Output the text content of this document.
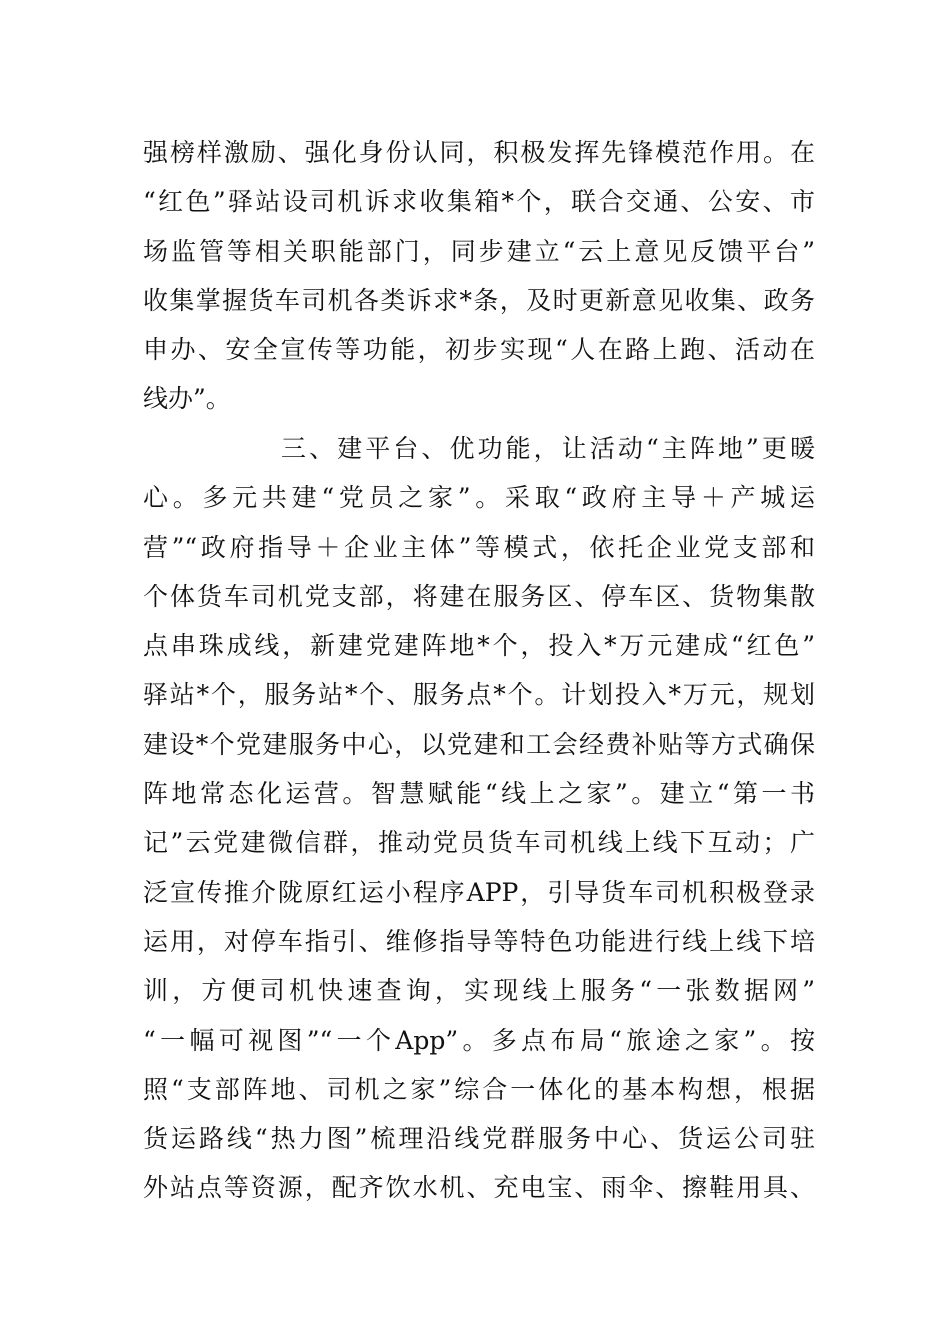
强榜样激励、强化身份认同，积极发挥先锋模范作用。在
“红色”驿站设司机诉求收集箱*个，联合交通、公安、市
场监管等相关职能部门，同步建立“云上意见反馈平台”
收集掌握货车司机各类诉求*条，及时更新意见收集、政务
申办、安全宣传等功能，初步实现“人在路上跑、活动在
线办”。
三、建平台、优功能，让活动“主阵地”更暖
心。多元共建“党员之家”。采取“政府主导＋产城运
营”“政府指导＋企业主体”等模式，依托企业党支部和
个体货车司机党支部，将建在服务区、停车区、货物集散
点串珠成线，新建党建阵地*个，投入*万元建成“红色”
驿站*个，服务站*个、服务点*个。计划投入*万元，规划
建设*个党建服务中心，以党建和工会经费补贴等方式确保
阵地常态化运营。智慧赋能“线上之家”。建立“第一书
记”云党建微信群，推动党员货车司机线上线下互动；广
泛宣传推介陇原红运小程序APP，引导货车司机积极登录
运用，对停车指引、维修指导等特色功能进行线上线下培
训，方便司机快速查询，实现线上服务“一张数据网”
“一幅可视图”“一个App”。多点布局“旅途之家”。按
照“支部阵地、司机之家”综合一体化的基本构想，根据
货运路线“热力图”梳理沿线党群服务中心、货运公司驻
外站点等资源，配齐饮水机、充电宝、雨伞、擦鞋用具、
